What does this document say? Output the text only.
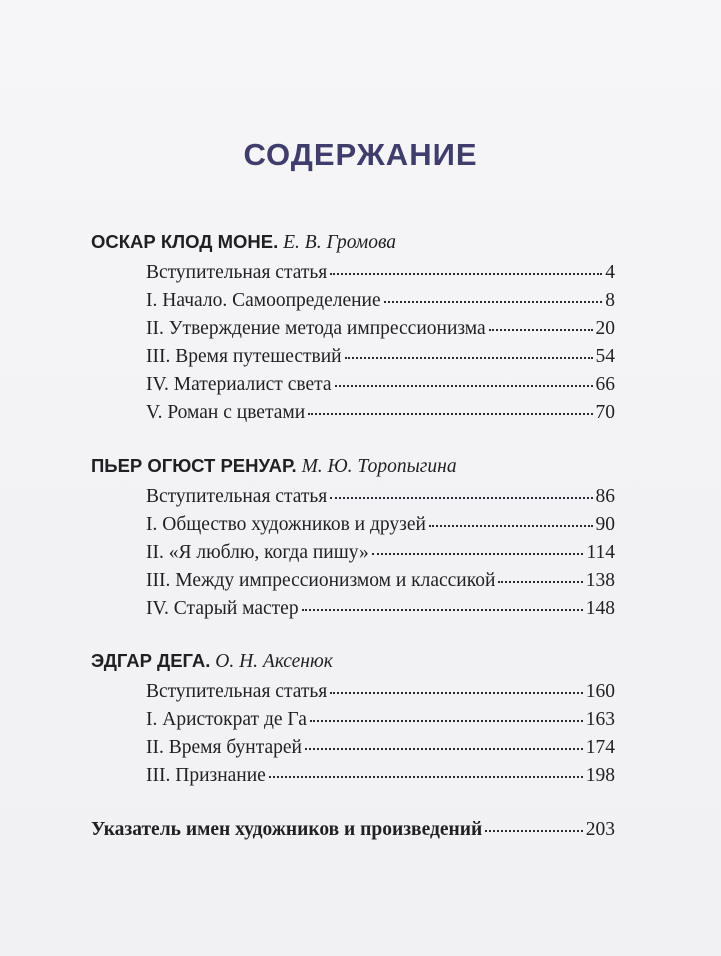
СОДЕРЖАНИЕ
ОСКАР КЛОД МОНЕ. Е. В. Громова
Вступительная статья	4
I. Начало. Самоопределение	8
II. Утверждение метода импрессионизма	20
III. Время путешествий	54
IV. Материалист света	66
V. Роман с цветами	70
ПЬЕР ОГЮСТ РЕНУАР. М. Ю. Торопыгина
Вступительная статья	86
I. Общество художников и друзей	90
II. «Я люблю, когда пишу»	114
III. Между импрессионизмом и классикой	138
IV. Старый мастер	148
ЭДГАР ДЕГА. О. Н. Аксенюк
Вступительная статья	160
I. Аристократ де Га	163
II. Время бунтарей	174
III. Признание	198
Указатель имен художников и произведений	203
